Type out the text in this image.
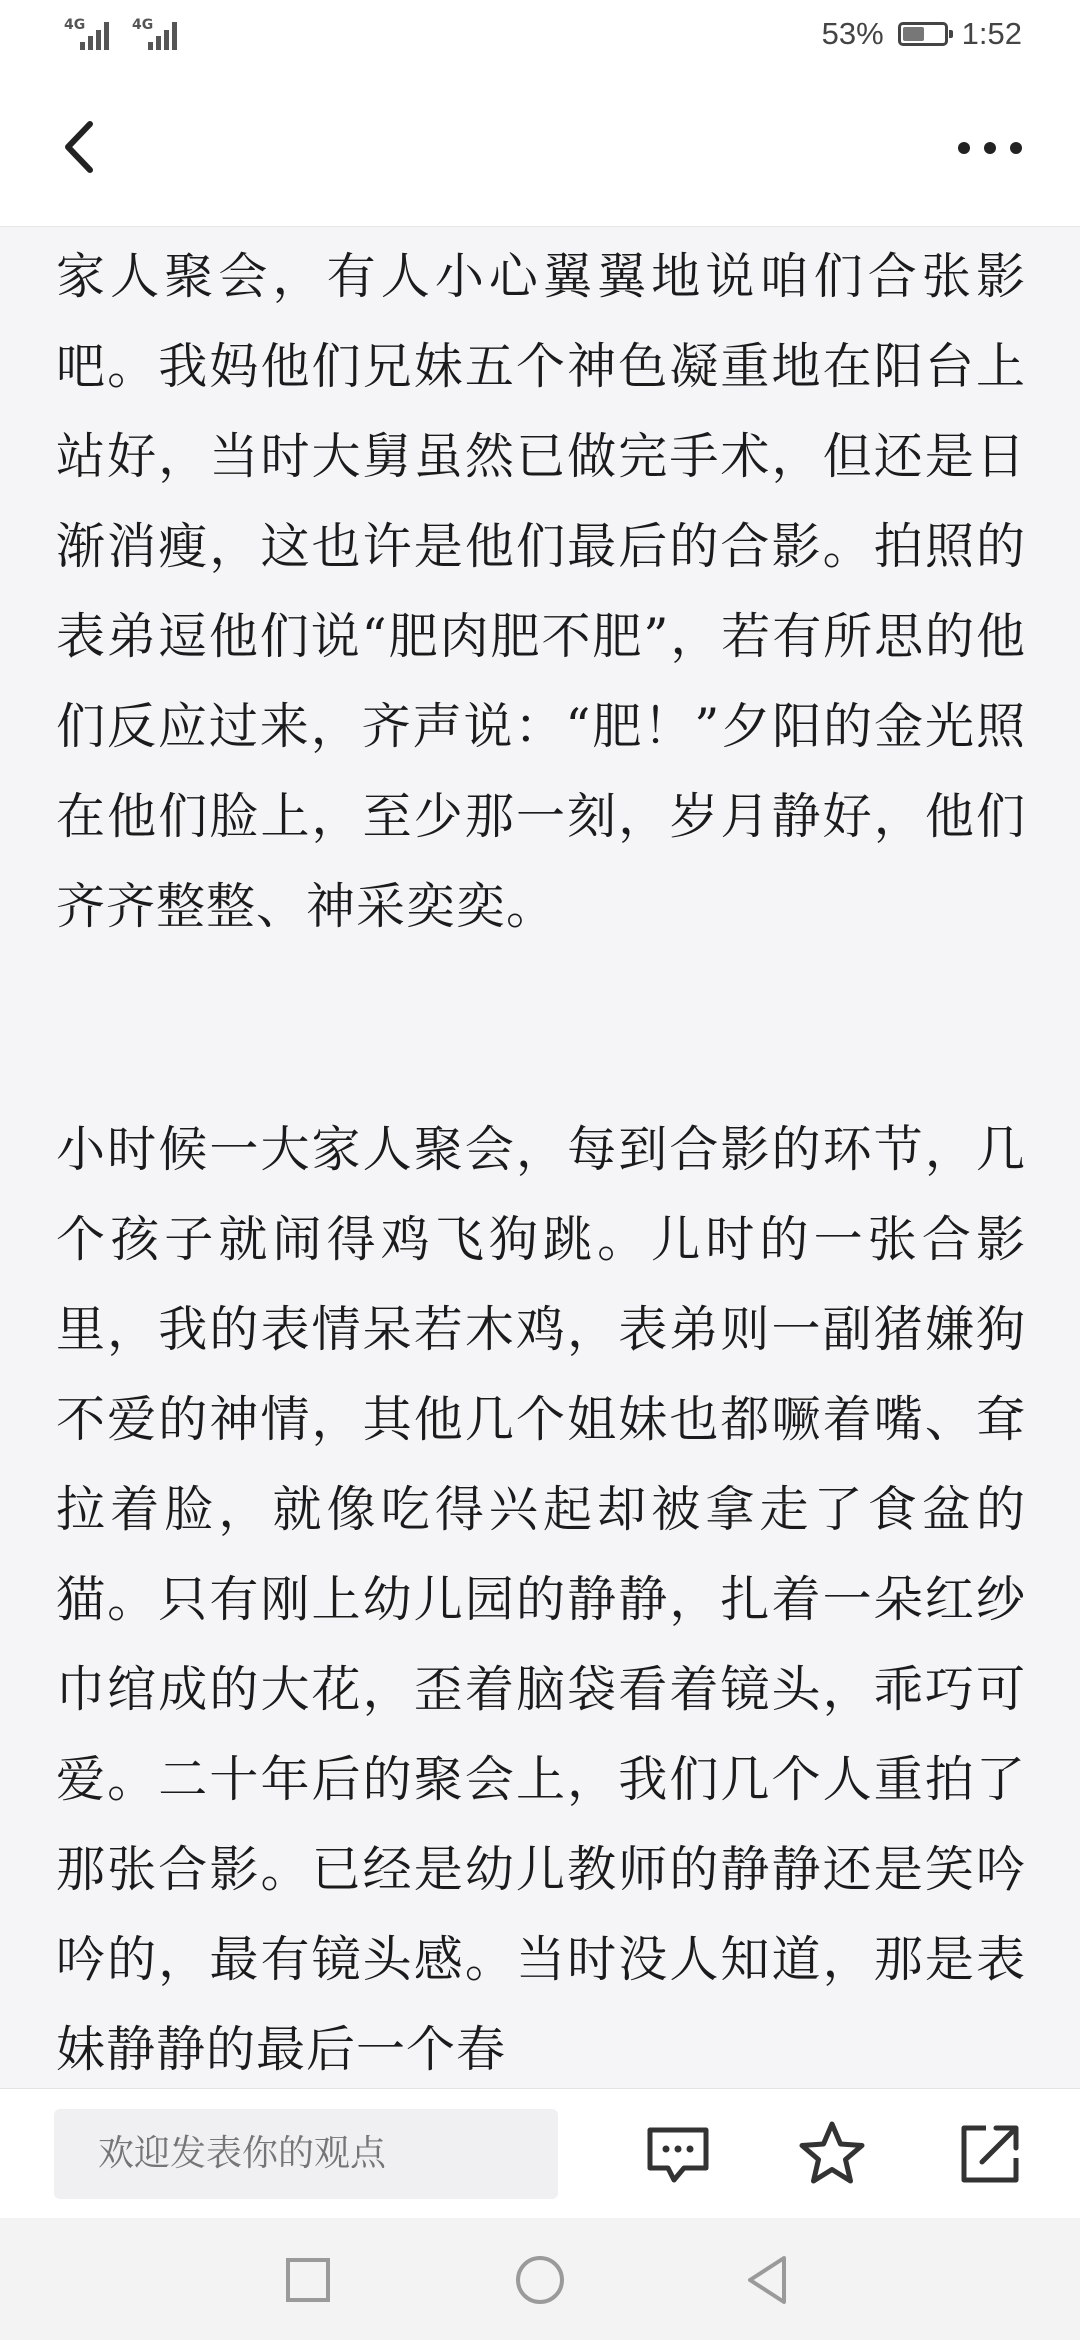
4G	4G	53%	1:52

家人聚会，有人小心翼翼地说咱们合张影吧。我妈他们兄妹五个神色凝重地在阳台上站好，当时大舅虽然已做完手术，但还是日渐消瘦，这也许是他们最后的合影。拍照的表弟逗他们说“肥肉肥不肥”，若有所思的他们反应过来，齐声说：“肥！”夕阳的金光照在他们脸上，至少那一刻，岁月静好，他们齐齐整整、神采奕奕。

小时候一大家人聚会，每到合影的环节，几个孩子就闹得鸡飞狗跳。儿时的一张合影里，我的表情呆若木鸡，表弟则一副猪嫌狗不爱的神情，其他几个姐妹也都噘着嘴、耷拉着脸，就像吃得兴起却被拿走了食盆的猫。只有刚上幼儿园的静静，扎着一朵红纱巾绾成的大花，歪着脑袋看着镜头，乖巧可爱。二十年后的聚会上，我们几个人重拍了那张合影。已经是幼儿教师的静静还是笑吟吟的，最有镜头感。当时没人知道，那是表妹静静的最后一个春

欢迎发表你的观点
